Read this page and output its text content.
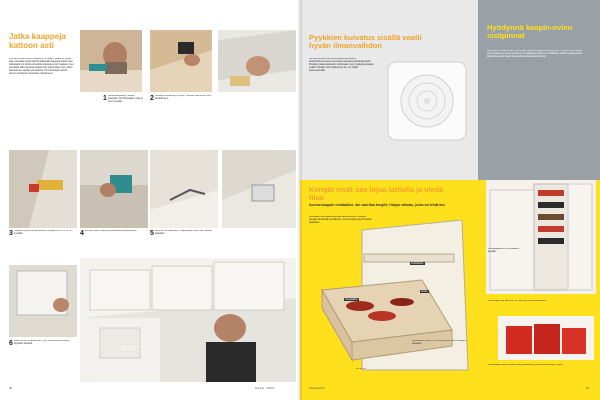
Jatka kaappeja kattoon asti
Jos kodinhoitohuoneen kaappeihin ei kaapin päällä on tyhjää tilaa, kannattaa hyödyntää tila jatkamalla kaappeja kattoon asti. Jatkokaapit voi tehdä esimerkiksi kalustelevystä. Kaappien ovet kannattaa tilata samasta sarjasta kuin alkuperäiset ovet, jolloin kokonaisuus näyttää yhtenäiseltä. Ylimmät kaapit sopivat harvoin tarvittavien tavaroiden säilytykseen.
1 Sahaa kalustelevyt oikean kokoisiksi. Kiinnitä kaapin pohja ja sivut ruuveilla.
2 Liimaa ja ruuvaa levyt yhteen. Tarkista mitat ennen kuin kiinnität levyt.
3 Tuikkaa runko kiinni alkuperäisiin kaappeihin 4,0 x 16 mm ruuveilla.	4 Merkitse ovien paikat ja porausreiät saranakupeille.	5 Asenna ovet paikalleen. Säädä saranoista ovien rakoset tasaisiksi.
6 Asenna ovet ja säädä ovet. Ovet tulevat kattoon asti ja näyttävät siisteiltä.
Kaappien ovet kannattaa tilata samasta sarjasta.
98	Tee Itse · 4/2017
Pyykkien kuivatus sisällä vaatii hyvän ilmanvaihdon
Jos asunnossa ei ole koneellista ilmanvaihtoa, kodinhoitohuoneeseen kannattaa asentaa poistoilmapuhallin. Puhallin poistaa kosteuden tehokkaasti, kun pyykkejä kuivataan sisällä. Puhallin toimii hiljaisesti ja sen voi ohjata kosteusanturilla.
Hyödynnä kaapin-ovien sisäpinnat
Kaapinovien sisäpinnoille voi kiinnittää kapeita hyllyjä ja koukkuja, joihin mahtuvat esimerkiksi siivousvälineet ja pienet tarvikkeet. Kenkäkaapin ovissa on kenkäteline, jolloin kengät pysyvät järjestyksessä ja kaapin tila saadaan tehokkaasti käyttöön.
Kengät eivät saa lojua lattialla ja viedä tilaa
Asenna kaappiin vetolaatikot, niin saat tilaa kengille. Helppo ratkaisu, jonka voi tehdä itse.
Vetolaatikot kannattaa rakentaa kalustelevystä. Laatikon pohjaan kiinnitetään kenkäteline, jossa kengät pysyvät siististi paikallaan.
Kenkäteline
Kiskot
Vetolaatikko
Vetolaatikko, joka on 3–4 levyjä syvä, mahtuu kaapin alaosaan.
20–23 cm
Kenkäkaapissa on vetolaatikot kengille.
Jos kengät ovat valmiina, ne mahtuvat helposti laatikoihin.
Kenkäkaappi täydennetään säilytyslaatikoilla, jotka sopivat kaapin hyllyille.
www.teeitse.fi	99
